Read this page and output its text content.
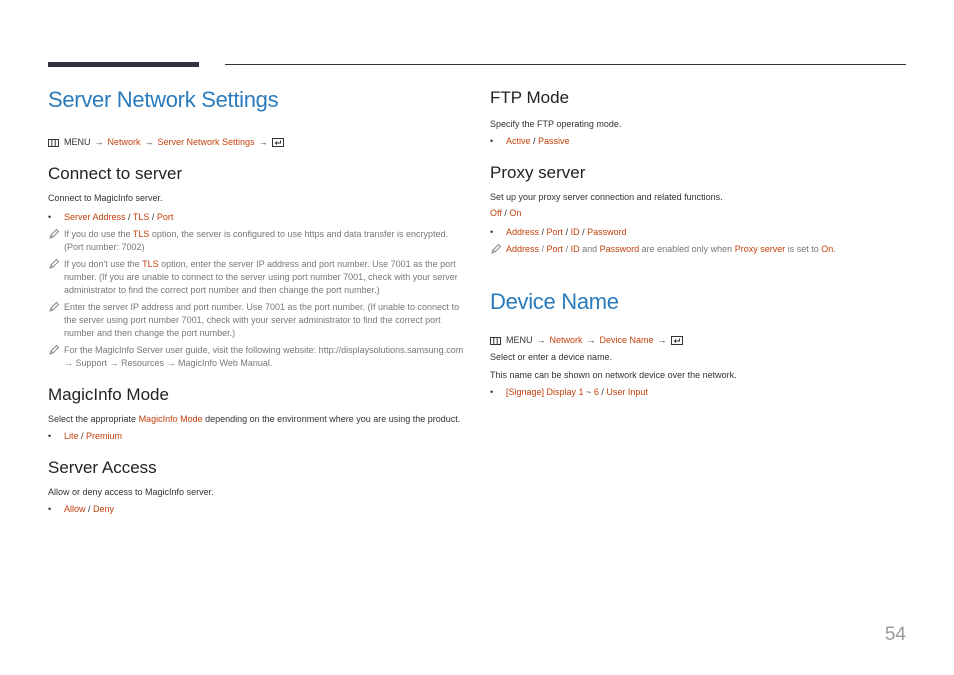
Server Network Settings
MENU → Network → Server Network Settings →
Connect to server

Connect to MagicInfo server.

• Server Address / TLS / Port
If you do use the TLS option, the server is configured to use https and data transfer is encrypted. (Port number: 7002)
If you don't use the TLS option, enter the server IP address and port number. Use 7001 as the port number. (If you are unable to connect to the server using port number 7001, check with your server administrator to find the correct port number and then change the port number.)
Enter the server IP address and port number. Use 7001 as the port number. (If unable to connect to the server using port number 7001, check with your server administrator to find the correct port number and then change the port number.)
For the MagicInfo Server user guide, visit the following website: http://displaysolutions.samsung.com → Support → Resources → MagicInfo Web Manual.
MagicInfo Mode

Select the appropriate MagicInfo Mode depending on the environment where you are using the product.

• Lite / Premium
Server Access

Allow or deny access to MagicInfo server.

• Allow / Deny
FTP Mode

Specify the FTP operating mode.

• Active / Passive
Proxy server

Set up your proxy server connection and related functions.

Off / On

• Address / Port / ID / Password
Address / Port / ID and Password are enabled only when Proxy server is set to On.
Device Name
MENU → Network → Device Name →

Select or enter a device name.

This name can be shown on network device over the network.

• [Signage] Display 1 ~ 6 / User Input
54
